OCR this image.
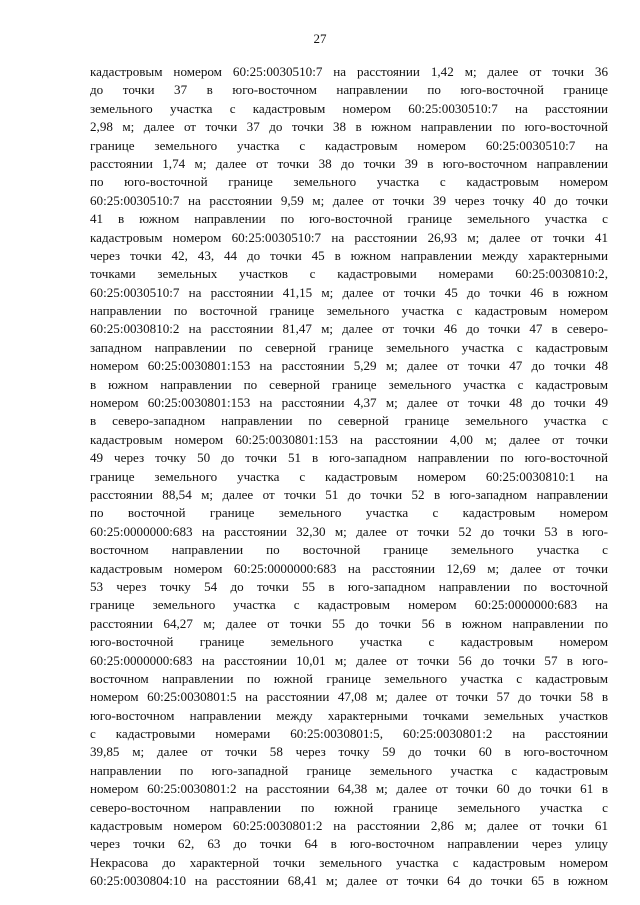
27
кадастровым номером 60:25:0030510:7 на расстоянии 1,42 м; далее от точки 36
до точки 37 в юго-восточном направлении по юго-восточной границе
земельного участка с кадастровым номером 60:25:0030510:7 на расстоянии
2,98 м; далее от точки 37 до точки 38 в южном направлении по юго-восточной
границе земельного участка с кадастровым номером 60:25:0030510:7 на
расстоянии 1,74 м; далее от точки 38 до точки 39 в юго-восточном направлении
по юго-восточной границе земельного участка с кадастровым номером
60:25:0030510:7 на расстоянии 9,59 м; далее от точки 39 через точку 40 до точки
41 в южном направлении по юго-восточной границе земельного участка с
кадастровым номером 60:25:0030510:7 на расстоянии 26,93 м; далее от точки 41
через точки 42, 43, 44 до точки 45 в южном направлении между характерными
точками земельных участков с кадастровыми номерами 60:25:0030810:2,
60:25:0030510:7 на расстоянии 41,15 м; далее от точки 45 до точки 46 в южном
направлении по восточной границе земельного участка с кадастровым номером
60:25:0030810:2 на расстоянии 81,47 м; далее от точки 46 до точки 47 в северо-
западном направлении по северной границе земельного участка с кадастровым
номером 60:25:0030801:153 на расстоянии 5,29 м; далее от точки 47 до точки 48
в южном направлении по северной границе земельного участка с кадастровым
номером 60:25:0030801:153 на расстоянии 4,37 м; далее от точки 48 до точки 49
в северо-западном направлении по северной границе земельного участка с
кадастровым номером 60:25:0030801:153 на расстоянии 4,00 м; далее от точки
49 через точку 50 до точки 51 в юго-западном направлении по юго-восточной
границе земельного участка с кадастровым номером 60:25:0030810:1 на
расстоянии 88,54 м; далее от точки 51 до точки 52 в юго-западном направлении
по восточной границе земельного участка с кадастровым номером
60:25:0000000:683 на расстоянии 32,30 м; далее от точки 52 до точки 53 в юго-
восточном направлении по восточной границе земельного участка с
кадастровым номером 60:25:0000000:683 на расстоянии 12,69 м; далее от точки
53 через точку 54 до точки 55 в юго-западном направлении по восточной
границе земельного участка с кадастровым номером 60:25:0000000:683 на
расстоянии 64,27 м; далее от точки 55 до точки 56 в южном направлении по
юго-восточной границе земельного участка с кадастровым номером
60:25:0000000:683 на расстоянии 10,01 м; далее от точки 56 до точки 57 в юго-
восточном направлении по южной границе земельного участка с кадастровым
номером 60:25:0030801:5 на расстоянии 47,08 м; далее от точки 57 до точки 58 в
юго-восточном направлении между характерными точками земельных участков
с кадастровыми номерами 60:25:0030801:5, 60:25:0030801:2 на расстоянии
39,85 м; далее от точки 58 через точку 59 до точки 60 в юго-восточном
направлении по юго-западной границе земельного участка с кадастровым
номером 60:25:0030801:2 на расстоянии 64,38 м; далее от точки 60 до точки 61 в
северо-восточном направлении по южной границе земельного участка с
кадастровым номером 60:25:0030801:2 на расстоянии 2,86 м; далее от точки 61
через точки 62, 63 до точки 64 в юго-восточном направлении через улицу
Некрасова до характерной точки земельного участка с кадастровым номером
60:25:0030804:10 на расстоянии 68,41 м; далее от точки 64 до точки 65 в южном
